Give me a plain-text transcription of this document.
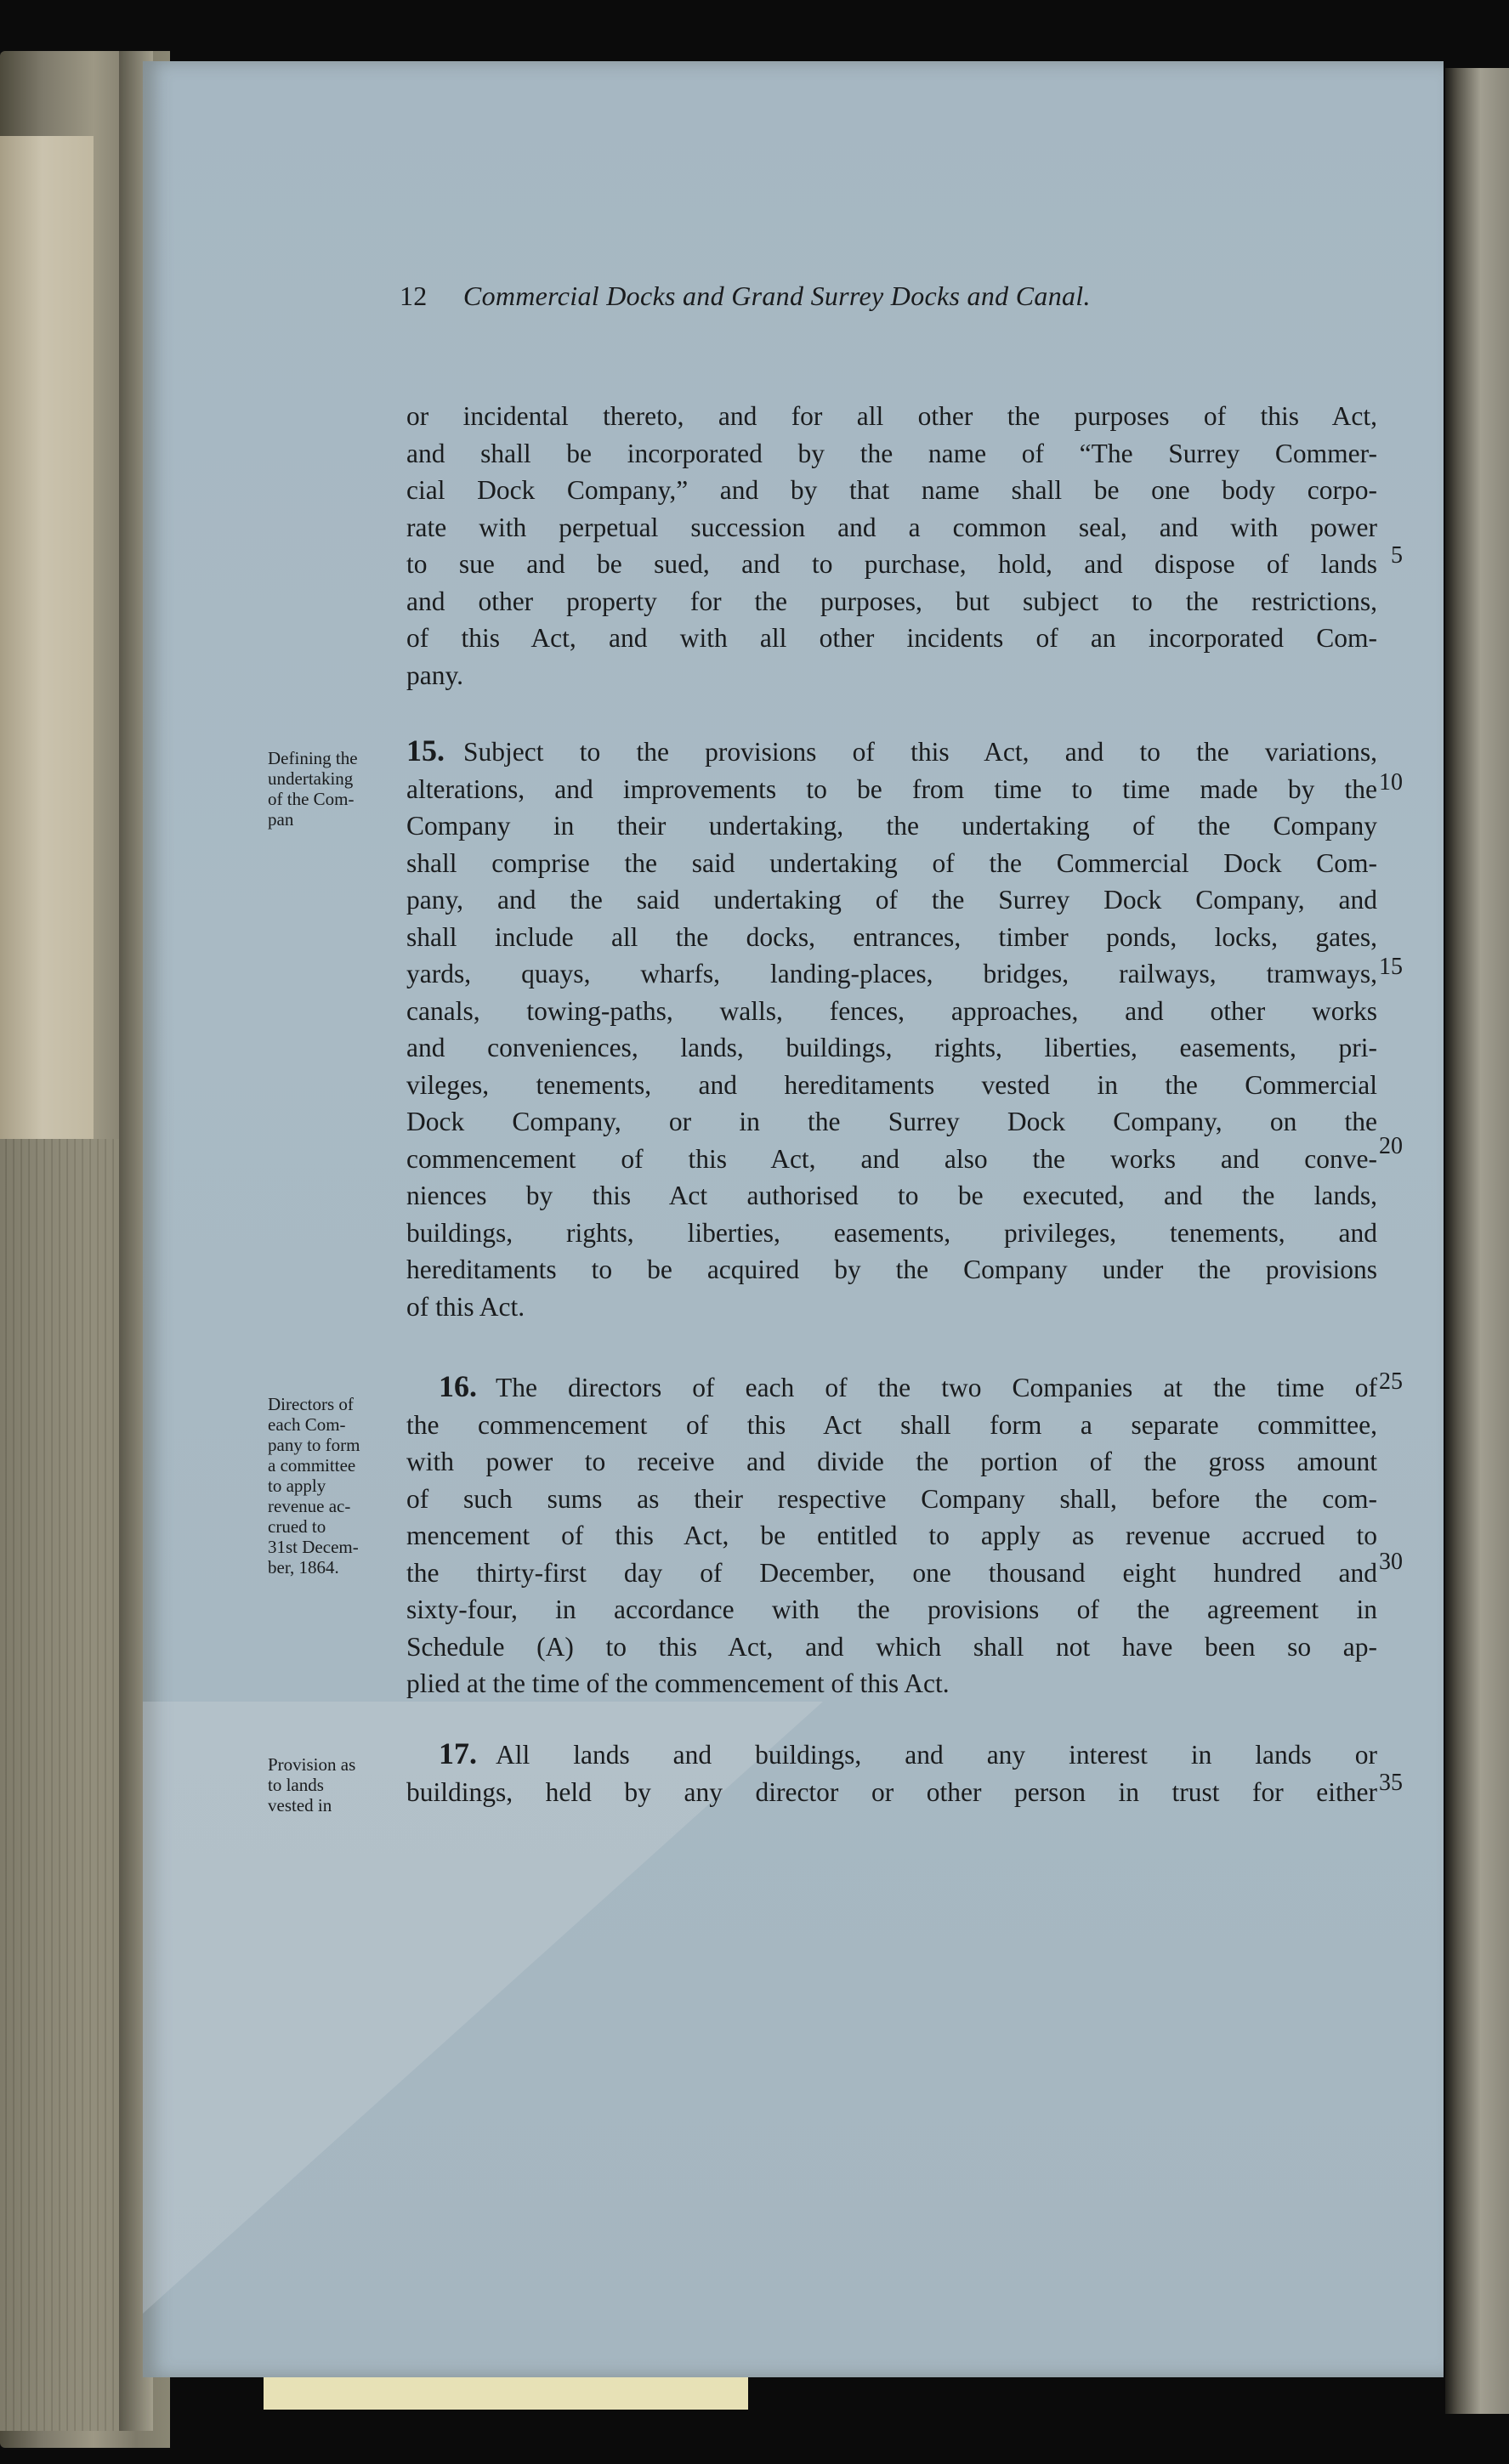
12 Commercial Docks and Grand Surrey Docks and Canal.
or incidental thereto, and for all other the purposes of this Act,
and shall be incorporated by the name of “The Surrey Commer-
cial Dock Company,” and by that name shall be one body corpo-
rate with perpetual succession and a common seal, and with power
to sue and be sued, and to purchase, hold, and dispose of lands
and other property for the purposes, but subject to the restrictions,
of this Act, and with all other incidents of an incorporated Com-
pany.
Defining the
undertaking
of the Com-
pan
15. Subject to the provisions of this Act, and to the variations,
alterations, and improvements to be from time to time made by the
Company in their undertaking, the undertaking of the Company
shall comprise the said undertaking of the Commercial Dock Com-
pany, and the said undertaking of the Surrey Dock Company, and
shall include all the docks, entrances, timber ponds, locks, gates,
yards, quays, wharfs, landing-places, bridges, railways, tramways,
canals, towing-paths, walls, fences, approaches, and other works
and conveniences, lands, buildings, rights, liberties, easements, pri-
vileges, tenements, and hereditaments vested in the Commercial
Dock Company, or in the Surrey Dock Company, on the
commencement of this Act, and also the works and conve-
niences by this Act authorised to be executed, and the lands,
buildings, rights, liberties, easements, privileges, tenements, and
hereditaments to be acquired by the Company under the provisions
of this Act.
Directors of
each Com-
pany to form
a committee
to apply
revenue ac-
crued to
31st Decem-
ber, 1864.
16. The directors of each of the two Companies at the time of
the commencement of this Act shall form a separate committee,
with power to receive and divide the portion of the gross amount
of such sums as their respective Company shall, before the com-
mencement of this Act, be entitled to apply as revenue accrued to
the thirty-first day of December, one thousand eight hundred and
sixty-four, in accordance with the provisions of the agreement in
Schedule (A) to this Act, and which shall not have been so ap-
plied at the time of the commencement of this Act.
Provision as
to lands
vested in
17. All lands and buildings, and any interest in lands or
buildings, held by any director or other person in trust for either
5
10
15
20
25
30
35
